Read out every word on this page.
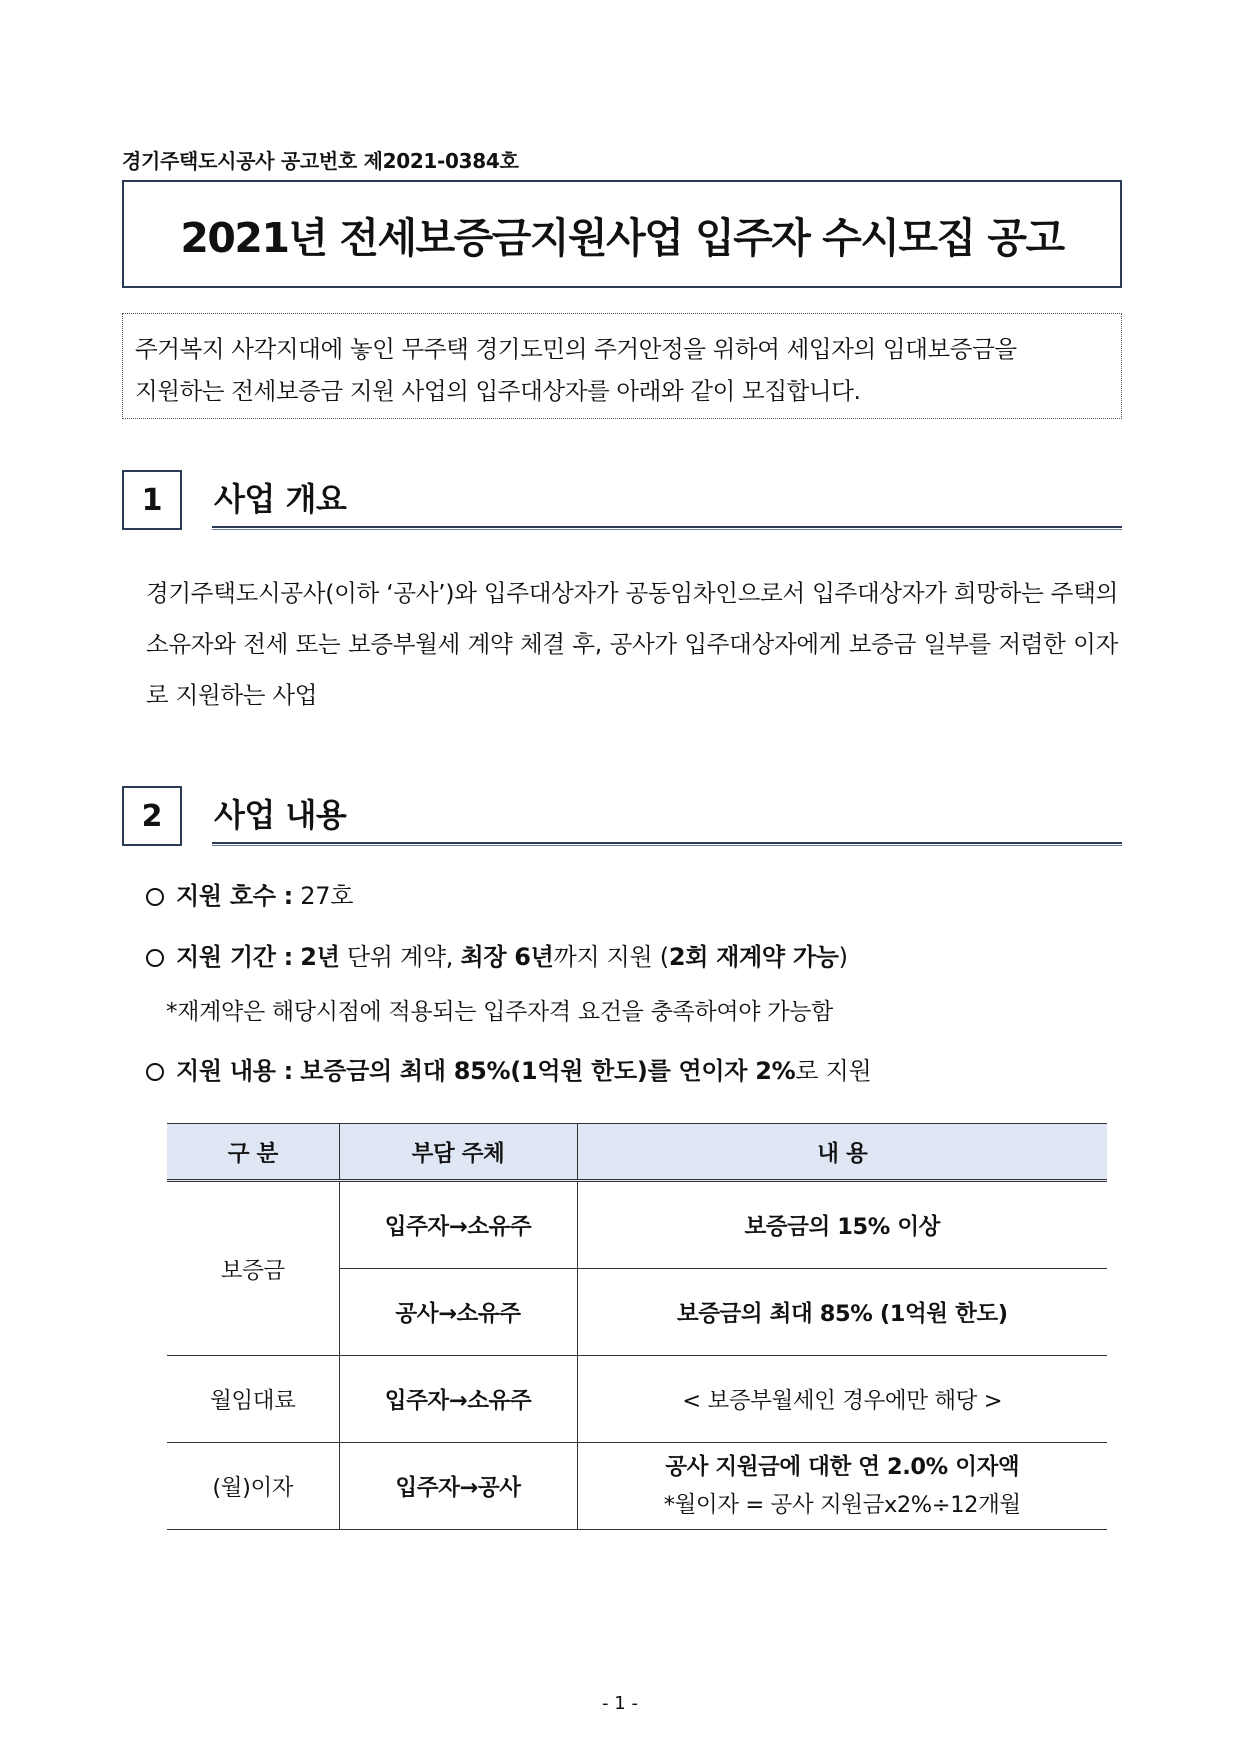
경기주택도시공사 공고번호 제2021-0384호
2021년 전세보증금지원사업 입주자 수시모집 공고
주거복지 사각지대에 놓인 무주택 경기도민의 주거안정을 위하여 세입자의 임대보증금을
지원하는 전세보증금 지원 사업의 입주대상자를 아래와 같이 모집합니다.
1	사업 개요
경기주택도시공사(이하 ‘공사’)와 입주대상자가 공동임차인으로서 입주대상자가 희망하는 주택의 소유자와 전세 또는 보증부월세 계약 체결 후, 공사가 입주대상자에게 보증금 일부를 저렴한 이자로 지원하는 사업
2	사업 내용
지원 호수 : 27호
지원 기간 : 2년 단위 계약, 최장 6년까지 지원 (2회 재계약 가능)
*재계약은 해당시점에 적용되는 입주자격 요건을 충족하여야 가능함
지원 내용 : 보증금의 최대 85%(1억원 한도)를 연이자 2%로 지원
구 분	부담 주체	내 용
보증금	입주자→소유주	보증금의 15% 이상
	공사→소유주	보증금의 최대 85% (1억원 한도)
월임대료	입주자→소유주	< 보증부월세인 경우에만 해당 >
(월)이자	입주자→공사	공사 지원금에 대한 연 2.0% 이자액
*월이자 = 공사 지원금x2%÷12개월
- 1 -
